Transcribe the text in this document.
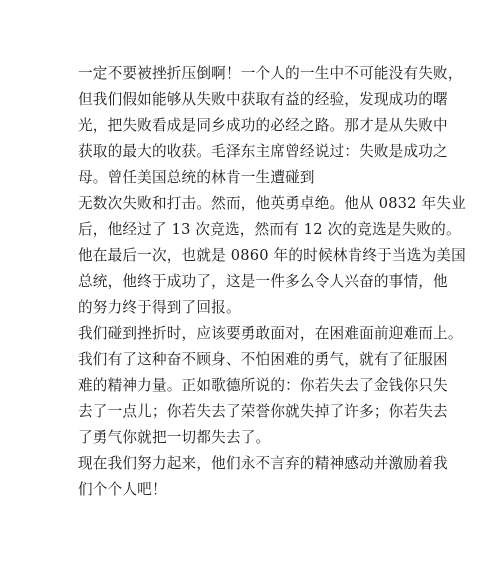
一定不要被挫折压倒啊！一个人的一生中不可能没有失败，
但我们假如能够从失败中获取有益的经验，发现成功的曙
光，把失败看成是同乡成功的必经之路。那才是从失败中
获取的最大的收获。毛泽东主席曾经说过：失败是成功之
母。曾任美国总统的林肯一生遭碰到
无数次失败和打击。然而，他英勇卓绝。他从 0832 年失业
后，他经过了 13 次竞选，然而有 12 次的竞选是失败的。
他在最后一次，也就是 0860 年的时候林肯终于当选为美国
总统，他终于成功了，这是一件多么令人兴奋的事情，他
的努力终于得到了回报。
我们碰到挫折时，应该要勇敢面对，在困难面前迎难而上。
我们有了这种奋不顾身、不怕困难的勇气，就有了征服困
难的精神力量。正如歌德所说的：你若失去了金钱你只失
去了一点儿；你若失去了荣誉你就失掉了许多；你若失去
了勇气你就把一切都失去了。
现在我们努力起来，他们永不言弃的精神感动并激励着我
们个个人吧！
